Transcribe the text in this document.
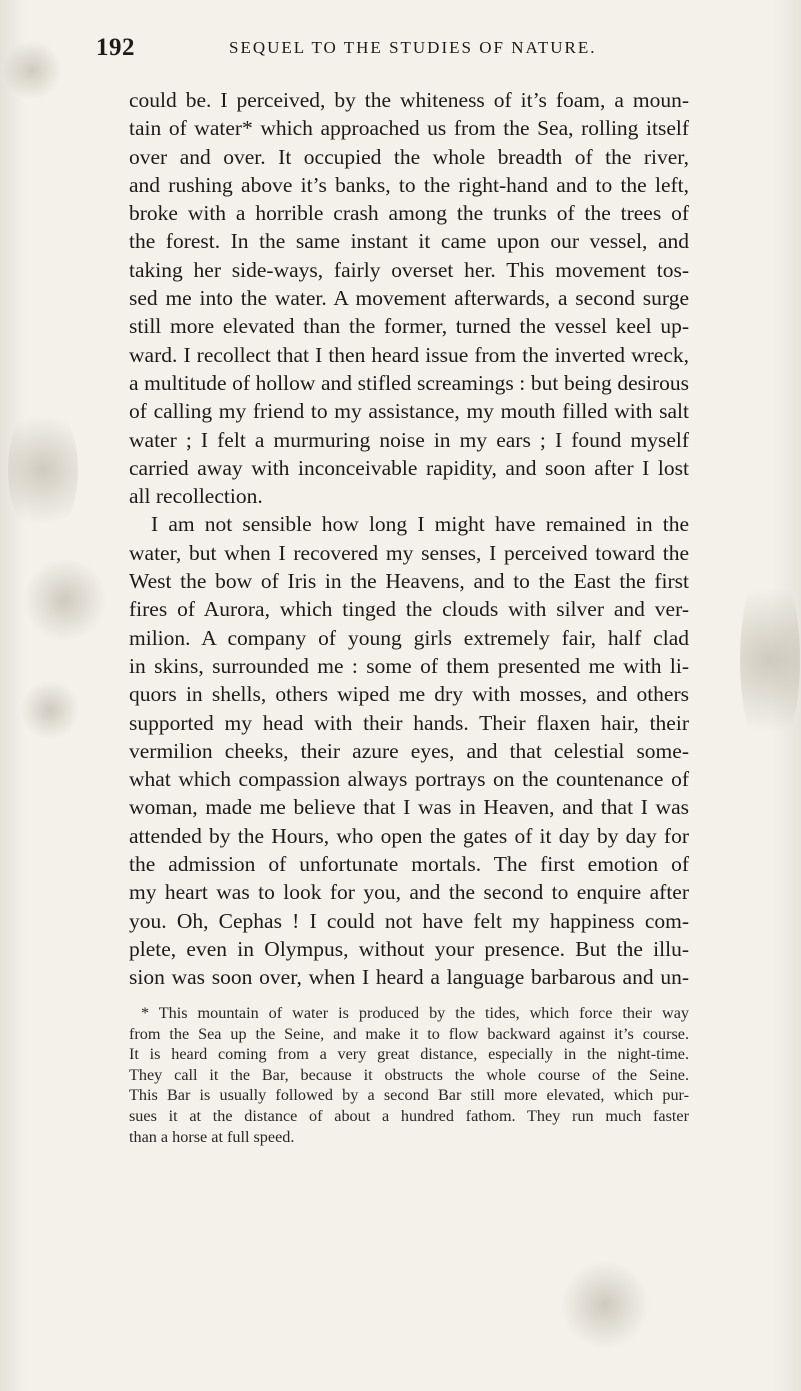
192	SEQUEL TO THE STUDIES OF NATURE.
could be. I perceived, by the whiteness of it’s foam, a moun-
tain of water* which approached us from the Sea, rolling itself
over and over. It occupied the whole breadth of the river,
and rushing above it’s banks, to the right-hand and to the left,
broke with a horrible crash among the trunks of the trees of
the forest. In the same instant it came upon our vessel, and
taking her side-ways, fairly overset her. This movement tos-
sed me into the water. A movement afterwards, a second surge
still more elevated than the former, turned the vessel keel up-
ward. I recollect that I then heard issue from the inverted wreck,
a multitude of hollow and stifled screamings : but being desirous
of calling my friend to my assistance, my mouth filled with salt
water ; I felt a murmuring noise in my ears ; I found myself
carried away with inconceivable rapidity, and soon after I lost
all recollection.
I am not sensible how long I might have remained in the
water, but when I recovered my senses, I perceived toward the
West the bow of Iris in the Heavens, and to the East the first
fires of Aurora, which tinged the clouds with silver and ver-
milion. A company of young girls extremely fair, half clad
in skins, surrounded me : some of them presented me with li-
quors in shells, others wiped me dry with mosses, and others
supported my head with their hands. Their flaxen hair, their
vermilion cheeks, their azure eyes, and that celestial some-
what which compassion always portrays on the countenance of
woman, made me believe that I was in Heaven, and that I was
attended by the Hours, who open the gates of it day by day for
the admission of unfortunate mortals. The first emotion of
my heart was to look for you, and the second to enquire after
you. Oh, Cephas ! I could not have felt my happiness com-
plete, even in Olympus, without your presence. But the illu-
sion was soon over, when I heard a language barbarous and un-
* This mountain of water is produced by the tides, which force their way
from the Sea up the Seine, and make it to flow backward against it’s course.
It is heard coming from a very great distance, especially in the night-time.
They call it the Bar, because it obstructs the whole course of the Seine.
This Bar is usually followed by a second Bar still more elevated, which pur-
sues it at the distance of about a hundred fathom. They run much faster
than a horse at full speed.
